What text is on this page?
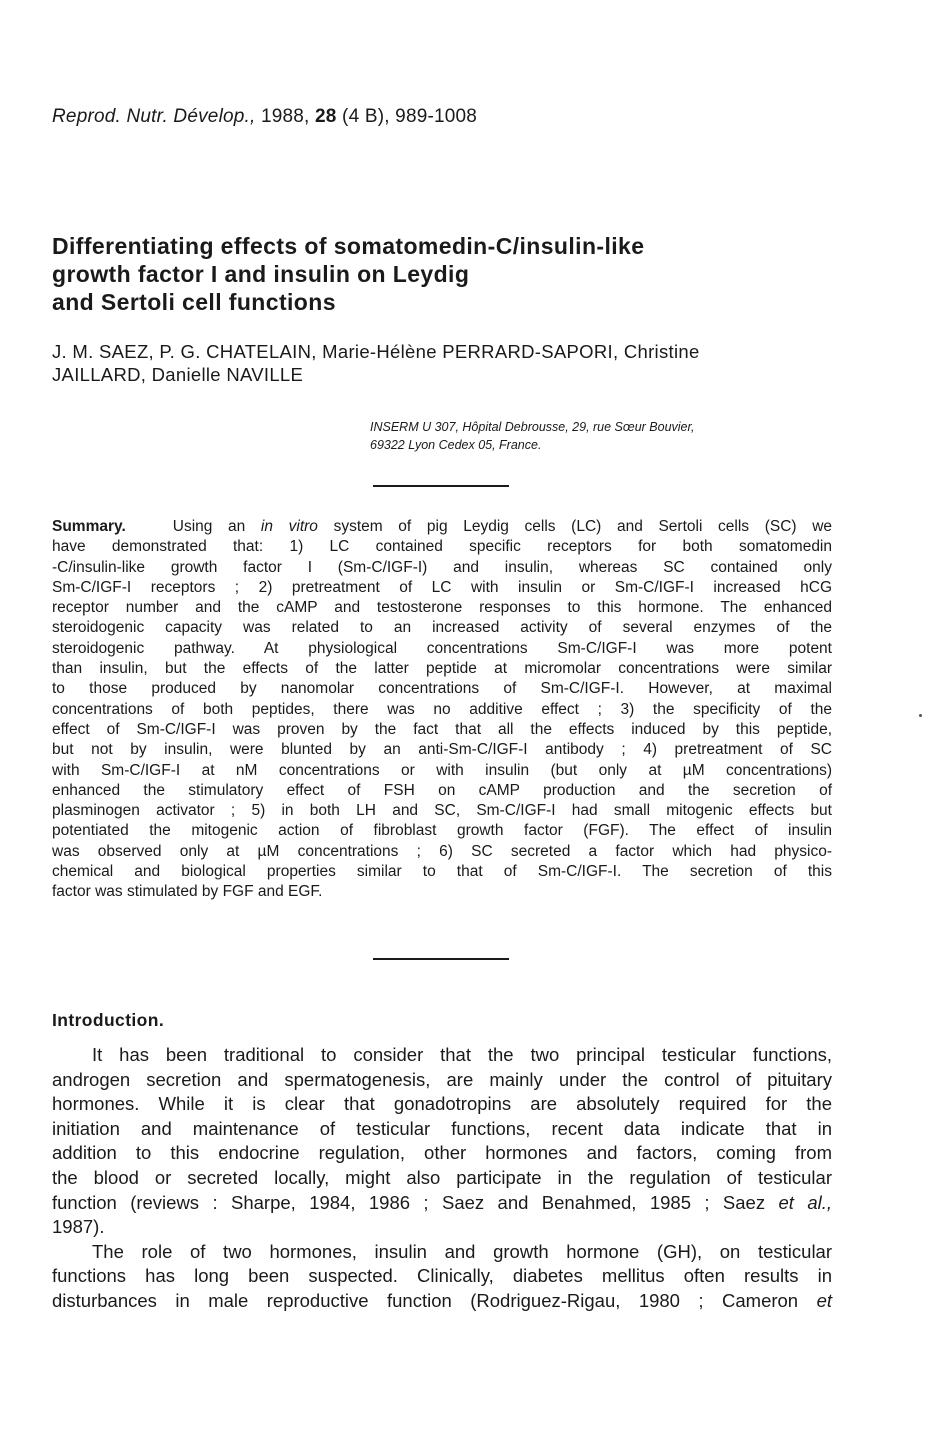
Reprod. Nutr. Dévelop., 1988, 28 (4 B), 989-1008
Differentiating effects of somatomedin-C/insulin-like
growth factor I and insulin on Leydig
and Sertoli cell functions
J. M. SAEZ, P. G. CHATELAIN, Marie-Hélène PERRARD-SAPORI, Christine
JAILLARD, Danielle NAVILLE
INSERM U 307, Hôpital Debrousse, 29, rue Sœur Bouvier,
69322 Lyon Cedex 05, France.
Summary.	Using an in vitro system of pig Leydig cells (LC) and Sertoli cells (SC) we
have demonstrated that: 1) LC contained specific receptors for both somatomedin
-C/insulin-like growth factor I (Sm-C/IGF-I) and insulin, whereas SC contained only
Sm-C/IGF-I receptors ; 2) pretreatment of LC with insulin or Sm-C/IGF-I increased hCG
receptor number and the cAMP and testosterone responses to this hormone. The enhanced
steroidogenic capacity was related to an increased activity of several enzymes of the
steroidogenic pathway. At physiological concentrations Sm-C/IGF-I was more potent
than insulin, but the effects of the latter peptide at micromolar concentrations were similar
to those produced by nanomolar concentrations of Sm-C/IGF-I. However, at maximal
concentrations of both peptides, there was no additive effect ; 3) the specificity of the
effect of Sm-C/IGF-I was proven by the fact that all the effects induced by this peptide,
but not by insulin, were blunted by an anti-Sm-C/IGF-I antibody ; 4) pretreatment of SC
with Sm-C/IGF-I at nM concentrations or with insulin (but only at µM concentrations)
enhanced the stimulatory effect of FSH on cAMP production and the secretion of
plasminogen activator ; 5) in both LH and SC, Sm-C/IGF-I had small mitogenic effects but
potentiated the mitogenic action of fibroblast growth factor (FGF). The effect of insulin
was observed only at µM concentrations ; 6) SC secreted a factor which had physico-
chemical and biological properties similar to that of Sm-C/IGF-I. The secretion of this
factor was stimulated by FGF and EGF.
Introduction.
It has been traditional to consider that the two principal testicular functions,
androgen secretion and spermatogenesis, are mainly under the control of pituitary
hormones. While it is clear that gonadotropins are absolutely required for the
initiation and maintenance of testicular functions, recent data indicate that in
addition to this endocrine regulation, other hormones and factors, coming from
the blood or secreted locally, might also participate in the regulation of testicular
function (reviews : Sharpe, 1984, 1986 ; Saez and Benahmed, 1985 ; Saez et al.,
1987).
The role of two hormones, insulin and growth hormone (GH), on testicular
functions has long been suspected. Clinically, diabetes mellitus often results in
disturbances in male reproductive function (Rodriguez-Rigau, 1980 ; Cameron et
